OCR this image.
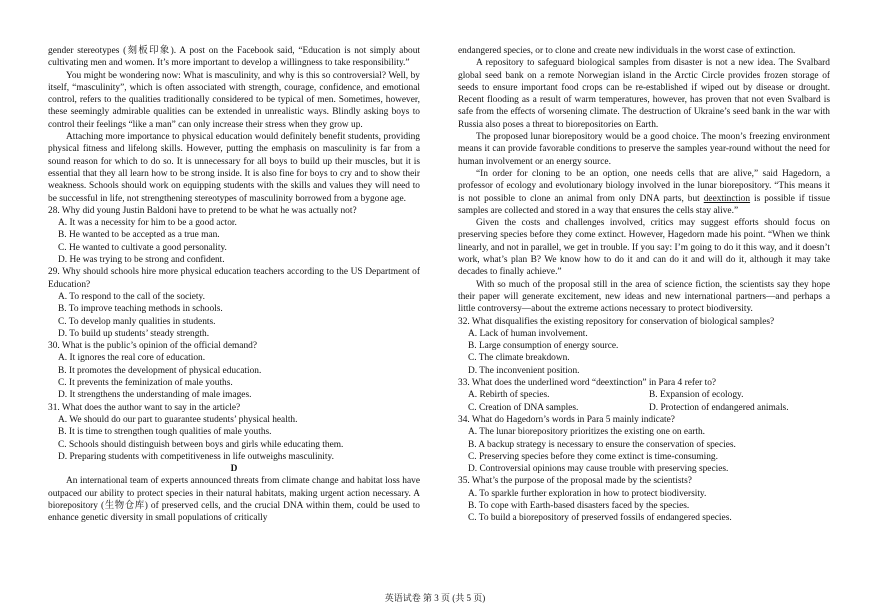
gender stereotypes (刻板印象). A post on the Facebook said, “Education is not simply about cultivating men and women. It’s more important to develop a willingness to take responsibility.”

You might be wondering now: What is masculinity, and why is this so controversial? Well, by itself, “masculinity”, which is often associated with strength, courage, confidence, and emotional control, refers to the qualities traditionally considered to be typical of men. Sometimes, however, these seemingly admirable qualities can be extended in unrealistic ways. Blindly asking boys to control their feelings “like a man” can only increase their stress when they grow up.

Attaching more importance to physical education would definitely benefit students, providing physical fitness and lifelong skills. However, putting the emphasis on masculinity is far from a sound reason for which to do so. It is unnecessary for all boys to build up their muscles, but it is essential that they all learn how to be strong inside. It is also fine for boys to cry and to show their weakness. Schools should work on equipping students with the skills and values they will need to be successful in life, not strengthening stereotypes of masculinity borrowed from a bygone age.

28. Why did young Justin Baldoni have to pretend to be what he was actually not?

A. It was a necessity for him to be a good actor.

B. He wanted to be accepted as a true man.

C. He wanted to cultivate a good personality.

D. He was trying to be strong and confident.

29. Why should schools hire more physical education teachers according to the US Department of Education?

A. To respond to the call of the society.

B. To improve teaching methods in schools.

C. To develop manly qualities in students.

D. To build up students’ steady strength.

30. What is the public’s opinion of the official demand?

A. It ignores the real core of education.

B. It promotes the development of physical education.

C. It prevents the feminization of male youths.

D. It strengthens the understanding of male images.

31. What does the author want to say in the article?

A. We should do our part to guarantee students’ physical health.

B. It is time to strengthen tough qualities of male youths.

C. Schools should distinguish between boys and girls while educating them.

D. Preparing students with competitiveness in life outweighs masculinity.

D

An international team of experts announced threats from climate change and habitat loss have outpaced our ability to protect species in their natural habitats, making urgent action necessary. A biorepository (生物仓库) of preserved cells, and the crucial DNA within them, could be used to enhance genetic diversity in small populations of critically

endangered species, or to clone and create new individuals in the worst case of extinction.

A repository to safeguard biological samples from disaster is not a new idea. The Svalbard global seed bank on a remote Norwegian island in the Arctic Circle provides frozen storage of seeds to ensure important food crops can be re-established if wiped out by disease or drought. Recent flooding as a result of warm temperatures, however, has proven that not even Svalbard is safe from the effects of worsening climate. The destruction of Ukraine’s seed bank in the war with Russia also poses a threat to biorepositories on Earth.

The proposed lunar biorepository would be a good choice. The moon’s freezing environment means it can provide favorable conditions to preserve the samples year-round without the need for human involvement or an energy source.

“In order for cloning to be an option, one needs cells that are alive,” said Hagedorn, a professor of ecology and evolutionary biology involved in the lunar biorepository. “This means it is not possible to clone an animal from only DNA parts, but deextinction is possible if tissue samples are collected and stored in a way that ensures the cells stay alive.”

Given the costs and challenges involved, critics may suggest efforts should focus on preserving species before they come extinct. However, Hagedorn made his point. “When we think linearly, and not in parallel, we get in trouble. If you say: I’m going to do it this way, and it doesn’t work, what’s plan B? We know how to do it and can do it and will do it, although it may take decades to finally achieve.”

With so much of the proposal still in the area of science fiction, the scientists say they hope their paper will generate excitement, new ideas and new international partners—and perhaps a little controversy—about the extreme actions necessary to protect biodiversity.

32. What disqualifies the existing repository for conservation of biological samples?

A. Lack of human involvement.

B. Large consumption of energy source.

C. The climate breakdown.

D. The inconvenient position.

33. What does the underlined word “deextinction” in Para 4 refer to?

A. Rebirth of species.	B. Expansion of ecology.
C. Creation of DNA samples.	D. Protection of endangered animals.

34. What do Hagedorn’s words in Para 5 mainly indicate?

A. The lunar biorepository prioritizes the existing one on earth.

B. A backup strategy is necessary to ensure the conservation of species.

C. Preserving species before they come extinct is time-consuming.

D. Controversial opinions may cause trouble with preserving species.

35. What’s the purpose of the proposal made by the scientists?

A. To sparkle further exploration in how to protect biodiversity.

B. To cope with Earth-based disasters faced by the species.

C. To build a biorepository of preserved fossils of endangered species.

英语试卷 第 3 页 (共 5 页)
